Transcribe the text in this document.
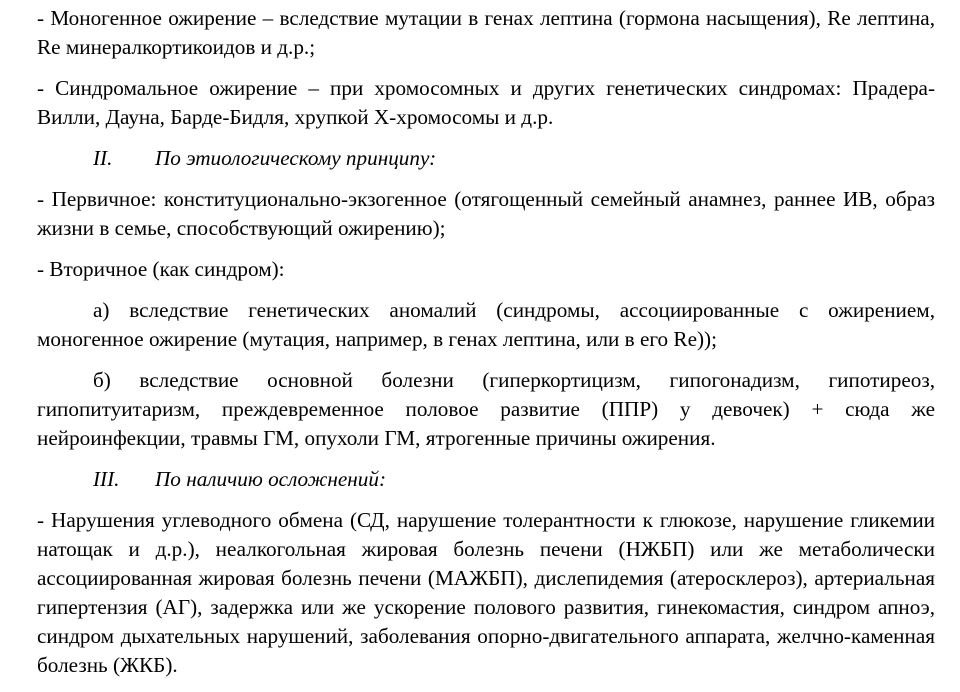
- Моногенное ожирение – вследствие мутации в генах лептина (гормона насыщения), Re лептина, Re минералкортикоидов и д.р.;

- Синдромальное ожирение – при хромосомных и других генетических синдромах: Прадера-Вилли, Дауна, Барде-Бидля, хрупкой Х-хромосомы и д.р.

II. По этиологическому принципу:

- Первичное: конституционально-экзогенное (отягощенный семейный анамнез, раннее ИВ, образ жизни в семье, способствующий ожирению);

- Вторичное (как синдром):

а) вследствие генетических аномалий (синдромы, ассоциированные с ожирением, моногенное ожирение (мутация, например, в генах лептина, или в его Re));

б) вследствие основной болезни (гиперкортицизм, гипогонадизм, гипотиреоз, гипопитуитаризм, преждевременное половое развитие (ППР) у девочек) + сюда же нейроинфекции, травмы ГМ, опухоли ГМ, ятрогенные причины ожирения.

III. По наличию осложнений:

- Нарушения углеводного обмена (СД, нарушение толерантности к глюкозе, нарушение гликемии натощак и д.р.), неалкогольная жировая болезнь печени (НЖБП) или же метаболически ассоциированная жировая болезнь печени (МАЖБП), дислепидемия (атеросклероз), артериальная гипертензия (АГ), задержка или же ускорение полового развития, гинекомастия, синдром апноэ, синдром дыхательных нарушений, заболевания опорно-двигательного аппарата, желчно-каменная болезнь (ЖКБ).
